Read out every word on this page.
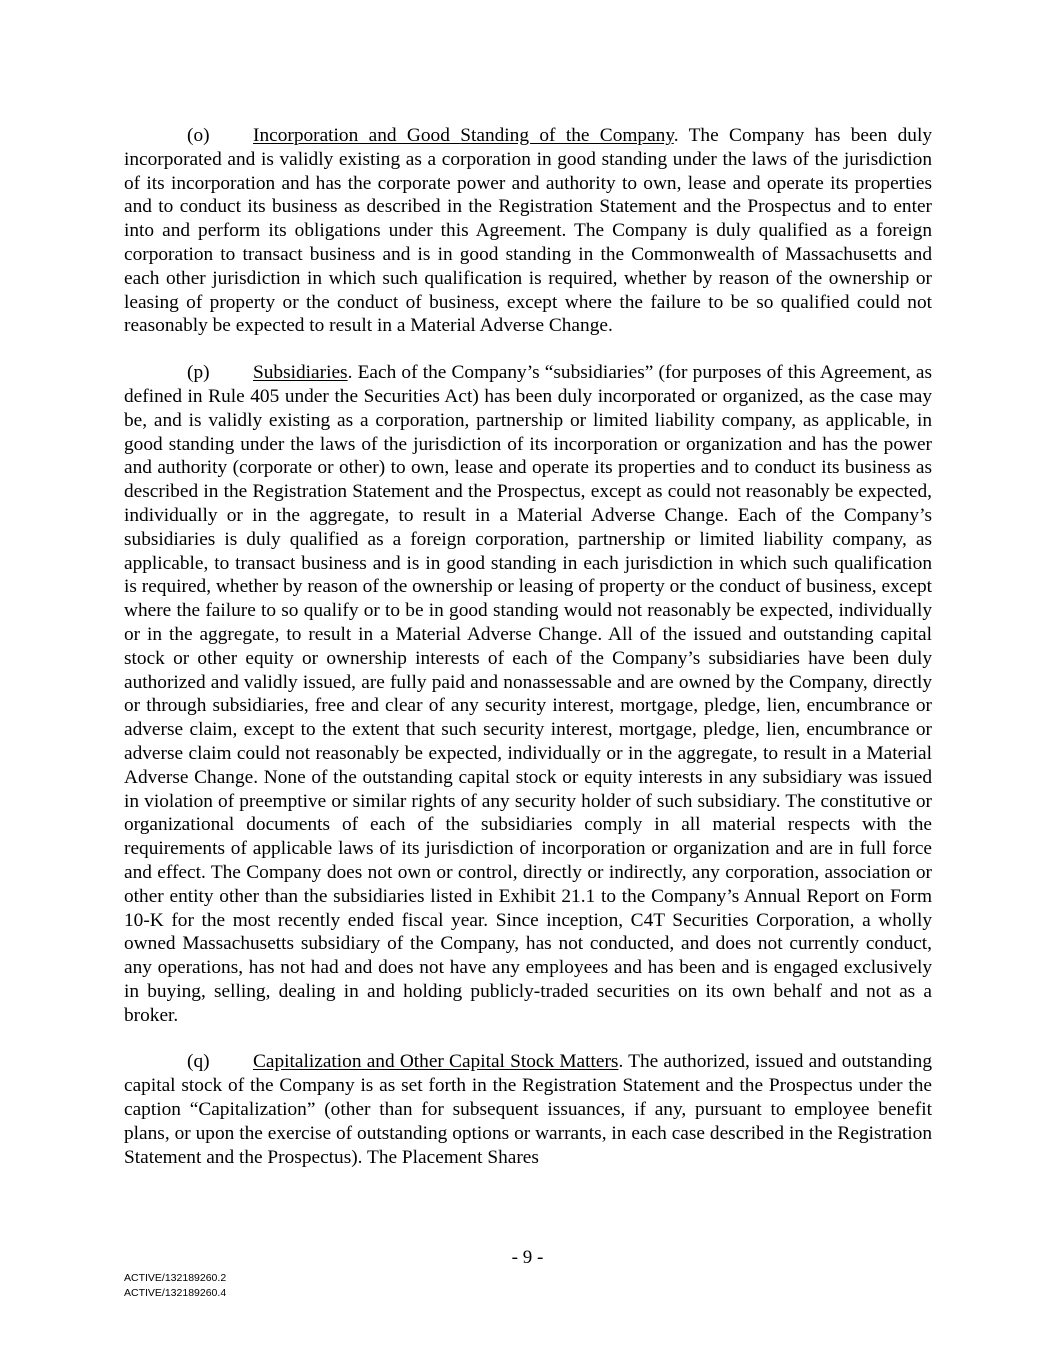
(o) Incorporation and Good Standing of the Company. The Company has been duly incorporated and is validly existing as a corporation in good standing under the laws of the jurisdiction of its incorporation and has the corporate power and authority to own, lease and operate its properties and to conduct its business as described in the Registration Statement and the Prospectus and to enter into and perform its obligations under this Agreement. The Company is duly qualified as a foreign corporation to transact business and is in good standing in the Commonwealth of Massachusetts and each other jurisdiction in which such qualification is required, whether by reason of the ownership or leasing of property or the conduct of business, except where the failure to be so qualified could not reasonably be expected to result in a Material Adverse Change.

(p) Subsidiaries. Each of the Company’s “subsidiaries” (for purposes of this Agreement, as defined in Rule 405 under the Securities Act) has been duly incorporated or organized, as the case may be, and is validly existing as a corporation, partnership or limited liability company, as applicable, in good standing under the laws of the jurisdiction of its incorporation or organization and has the power and authority (corporate or other) to own, lease and operate its properties and to conduct its business as described in the Registration Statement and the Prospectus, except as could not reasonably be expected, individually or in the aggregate, to result in a Material Adverse Change. Each of the Company’s subsidiaries is duly qualified as a foreign corporation, partnership or limited liability company, as applicable, to transact business and is in good standing in each jurisdiction in which such qualification is required, whether by reason of the ownership or leasing of property or the conduct of business, except where the failure to so qualify or to be in good standing would not reasonably be expected, individually or in the aggregate, to result in a Material Adverse Change. All of the issued and outstanding capital stock or other equity or ownership interests of each of the Company’s subsidiaries have been duly authorized and validly issued, are fully paid and nonassessable and are owned by the Company, directly or through subsidiaries, free and clear of any security interest, mortgage, pledge, lien, encumbrance or adverse claim, except to the extent that such security interest, mortgage, pledge, lien, encumbrance or adverse claim could not reasonably be expected, individually or in the aggregate, to result in a Material Adverse Change. None of the outstanding capital stock or equity interests in any subsidiary was issued in violation of preemptive or similar rights of any security holder of such subsidiary. The constitutive or organizational documents of each of the subsidiaries comply in all material respects with the requirements of applicable laws of its jurisdiction of incorporation or organization and are in full force and effect. The Company does not own or control, directly or indirectly, any corporation, association or other entity other than the subsidiaries listed in Exhibit 21.1 to the Company’s Annual Report on Form 10-K for the most recently ended fiscal year. Since inception, C4T Securities Corporation, a wholly owned Massachusetts subsidiary of the Company, has not conducted, and does not currently conduct, any operations, has not had and does not have any employees and has been and is engaged exclusively in buying, selling, dealing in and holding publicly-traded securities on its own behalf and not as a broker.

(q) Capitalization and Other Capital Stock Matters. The authorized, issued and outstanding capital stock of the Company is as set forth in the Registration Statement and the Prospectus under the caption “Capitalization” (other than for subsequent issuances, if any, pursuant to employee benefit plans, or upon the exercise of outstanding options or warrants, in each case described in the Registration Statement and the Prospectus). The Placement Shares

- 9 -
ACTIVE/132189260.2
ACTIVE/132189260.4
